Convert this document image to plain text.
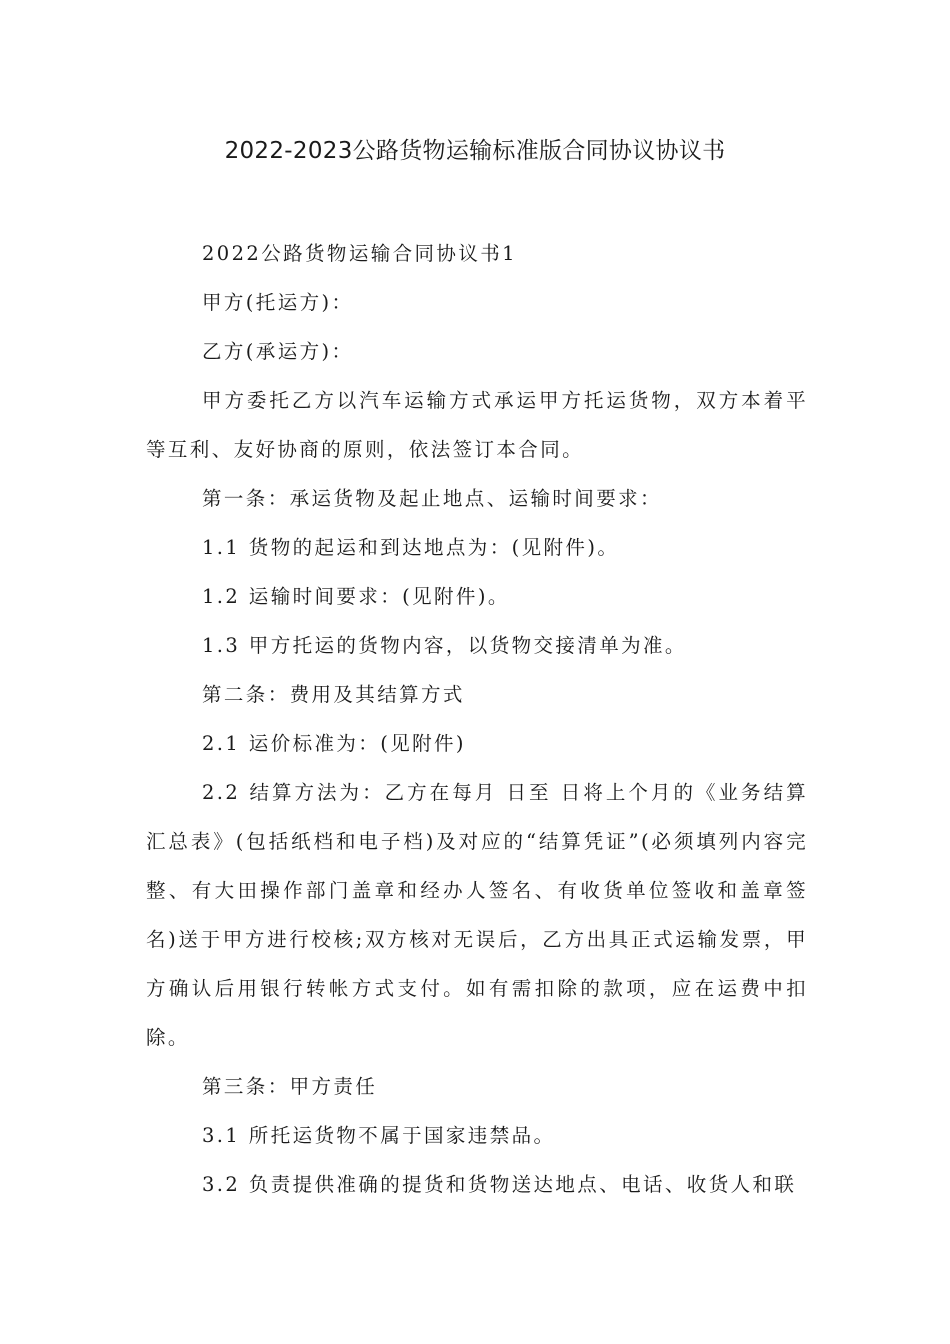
2022-2023公路货物运输标准版合同协议协议书

2022公路货物运输合同协议书1

甲方(托运方)：

乙方(承运方)：

甲方委托乙方以汽车运输方式承运甲方托运货物，双方本着平等互利、友好协商的原则，依法签订本合同。

第一条：承运货物及起止地点、运输时间要求：

1.1 货物的起运和到达地点为：(见附件)。

1.2 运输时间要求：(见附件)。

1.3 甲方托运的货物内容，以货物交接清单为准。

第二条：费用及其结算方式

2.1 运价标准为：(见附件)

2.2 结算方法为：乙方在每月 日至 日将上个月的《业务结算汇总表》(包括纸档和电子档)及对应的“结算凭证”(必须填列内容完整、有大田操作部门盖章和经办人签名、有收货单位签收和盖章签名)送于甲方进行校核;双方核对无误后，乙方出具正式运输发票，甲方确认后用银行转帐方式支付。如有需扣除的款项，应在运费中扣除。

第三条：甲方责任

3.1 所托运货物不属于国家违禁品。

3.2 负责提供准确的提货和货物送达地点、电话、收货人和联
